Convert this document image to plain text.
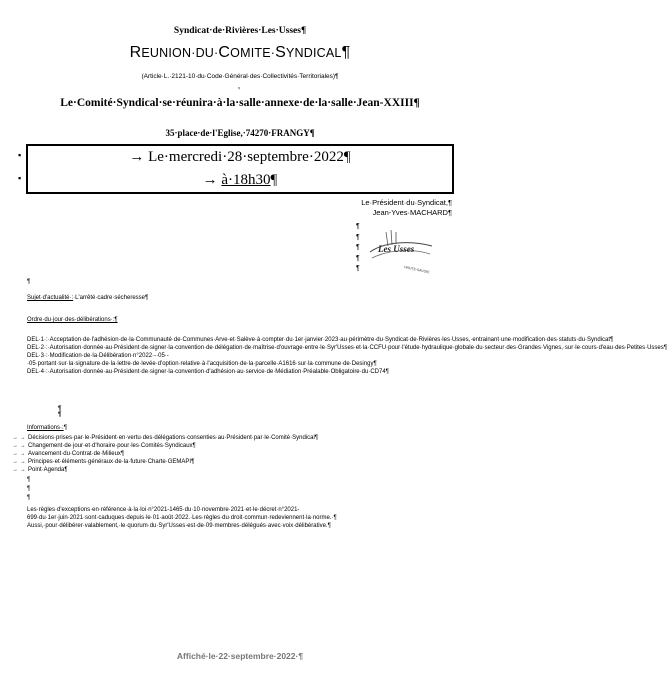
Syndicat·de·Rivières·Les·Usses¶
REUNION·DU·COMITE·SYNDICAL¶
(Article·L.·2121-10·du·Code·Général·des·Collectivités·Territoriales)¶
ᵑ
Le·Comité·Syndical·se·réunira·à·la·salle·annexe·de·la·salle·Jean-XXIII¶
35·place·de·l'Eglise,·74270·FRANGY¶
▪
▪
→ Le·mercredi·28·septembre·2022¶
→ à·18h30¶
Le·Président·du·Syndicat,¶
Jean-Yves·MACHARD¶
¶
¶
¶
¶
¶
Les Usses
HAUTE-SAVOIE
¶
Sujet·d'actualité·:·L'arrêté·cadre·sécheresse¶
Ordre·du·jour·des·délibérations·:¶
DEL·1·:·Acceptation·de·l'adhésion·de·la·Communauté·de·Communes·Arve·et·Salève·à·compter·du·1er·janvier·2023·au·périmètre·du·Syndicat·de·Rivières·les·Usses,·entrainant·une·modification·des·statuts·du·Syndicat¶
DEL·2·:·Autorisation·donnée·au·Président·de·signer·la·convention·de·délégation·de·maîtrise·d'ouvrage·entre·le·Syr'Usses·et·la·CCFU·pour·l'étude·hydraulique·globale·du·secteur·des·Grandes·Vignes,·sur·le·cours·d'eau·des·Petites·Usses¶
DEL·3·:·Modification·de·la·Délibération·n°2022·-·05·-·05·portant·sur·la·signature·de·la·lettre·de·levée·d'option·relative·à·l'acquisition·de·la·parcelle·A1616·sur·la·commune·de·Desingy¶
DEL·4·:·Autorisation·donnée·au·Président·de·signer·la·convention·d'adhésion·au·service·de·Médiation·Préalable·Obligatoire·du·CD74¶
¶
¶
Informations·:¶
→ → Décisions·prises·par·le·Président·en·vertu·des·délégations·consenties·au·Président·par·le·Comité·Syndical¶
→ → Changement·de·jour·et·d'horaire·pour·les·Comités·Syndicaux¶
→ → Avancement·du·Contrat·de·Milieux¶
→ → Principes·et·éléments·généraux·de·la·future·Charte·GEMAPI¶
→ → Point·Agenda¶
¶
¶
¶
Les·règles·d'exceptions·en·référence·à·la·loi·n°2021-1465·du·10·novembre·2021·et·le·décret·n°2021-699·du·1er·juin·2021·sont·caduques·depuis·le·01·août·2022.·Les·règles·du·droit·commun·redeviennent·la·norme.·¶
Aussi,·pour·délibérer·valablement,·le·quorum·du·Syr'Usses·est·de·09·membres·délégués·avec·voix·délibérative.¶
Affiché·le·22·septembre·2022·¶
